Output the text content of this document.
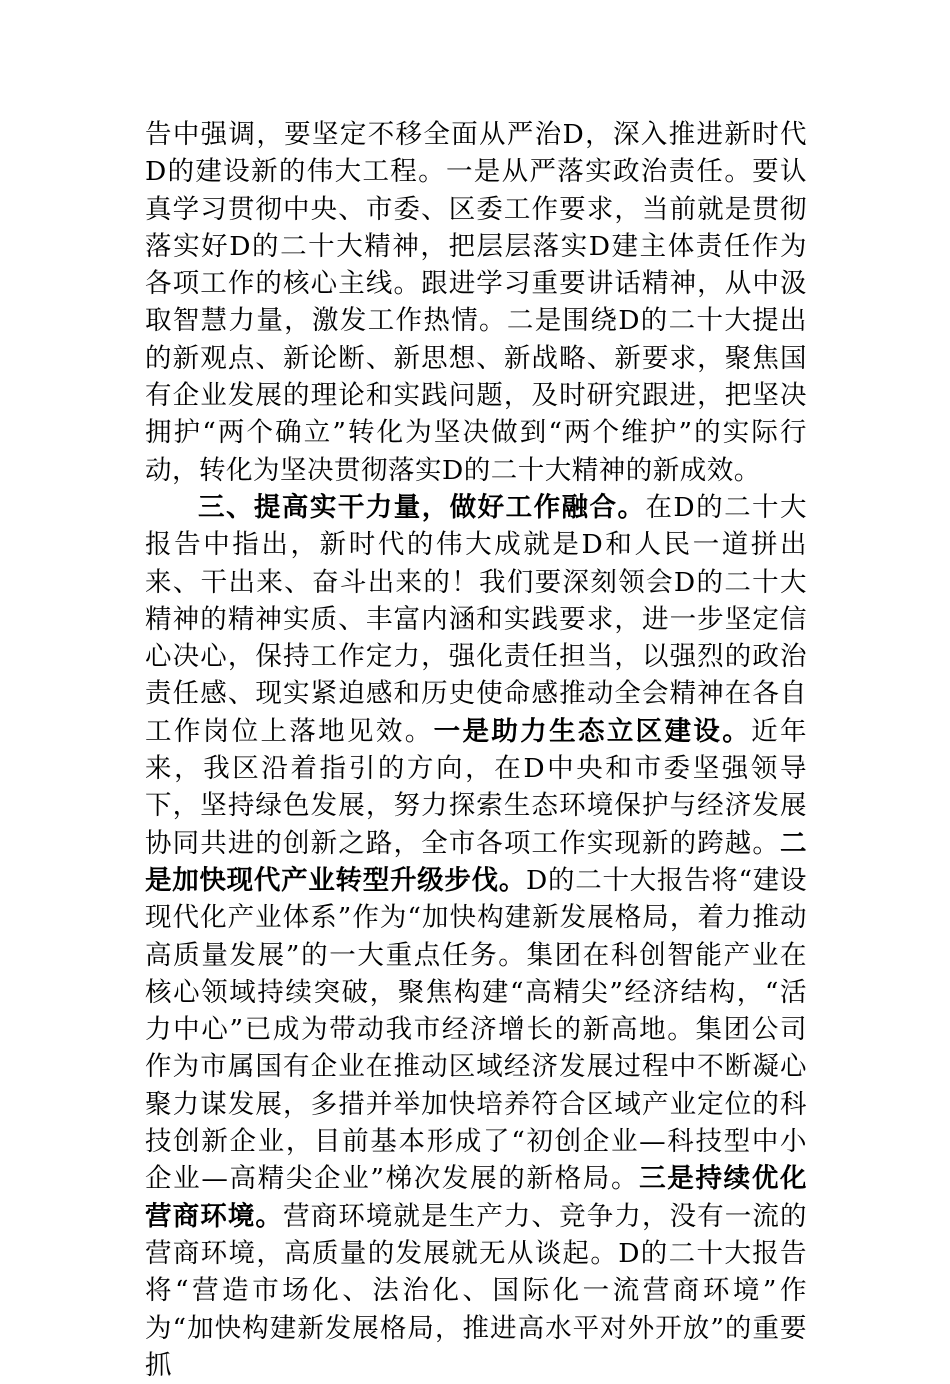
告中强调，要坚定不移全面从严治D，深入推进新时代D的建设新的伟大工程。一是从严落实政治责任。要认真学习贯彻中央、市委、区委工作要求，当前就是贯彻落实好D的二十大精神，把层层落实D建主体责任作为各项工作的核心主线。跟进学习重要讲话精神，从中汲取智慧力量，激发工作热情。二是围绕D的二十大提出的新观点、新论断、新思想、新战略、新要求，聚焦国有企业发展的理论和实践问题，及时研究跟进，把坚决拥护“两个确立”转化为坚决做到“两个维护”的实际行动，转化为坚决贯彻落实D的二十大精神的新成效。

三、提高实干力量，做好工作融合。在D的二十大报告中指出，新时代的伟大成就是D和人民一道拼出来、干出来、奋斗出来的！我们要深刻领会D的二十大精神的精神实质、丰富内涵和实践要求，进一步坚定信心决心，保持工作定力，强化责任担当，以强烈的政治责任感、现实紧迫感和历史使命感推动全会精神在各自工作岗位上落地见效。一是助力生态立区建设。近年来，我区沿着指引的方向，在D中央和市委坚强领导下，坚持绿色发展，努力探索生态环境保护与经济发展协同共进的创新之路，全市各项工作实现新的跨越。二是加快现代产业转型升级步伐。D的二十大报告将“建设现代化产业体系”作为“加快构建新发展格局，着力推动高质量发展”的一大重点任务。集团在科创智能产业在核心领域持续突破，聚焦构建“高精尖”经济结构，“活力中心”已成为带动我市经济增长的新高地。集团公司作为市属国有企业在推动区域经济发展过程中不断凝心聚力谋发展，多措并举加快培养符合区域产业定位的科技创新企业，目前基本形成了“初创企业—科技型中小企业—高精尖企业”梯次发展的新格局。三是持续优化营商环境。营商环境就是生产力、竞争力，没有一流的营商环境，高质量的发展就无从谈起。D的二十大报告将“营造市场化、法治化、国际化一流营商环境”作为“加快构建新发展格局，推进高水平对外开放”的重要抓
